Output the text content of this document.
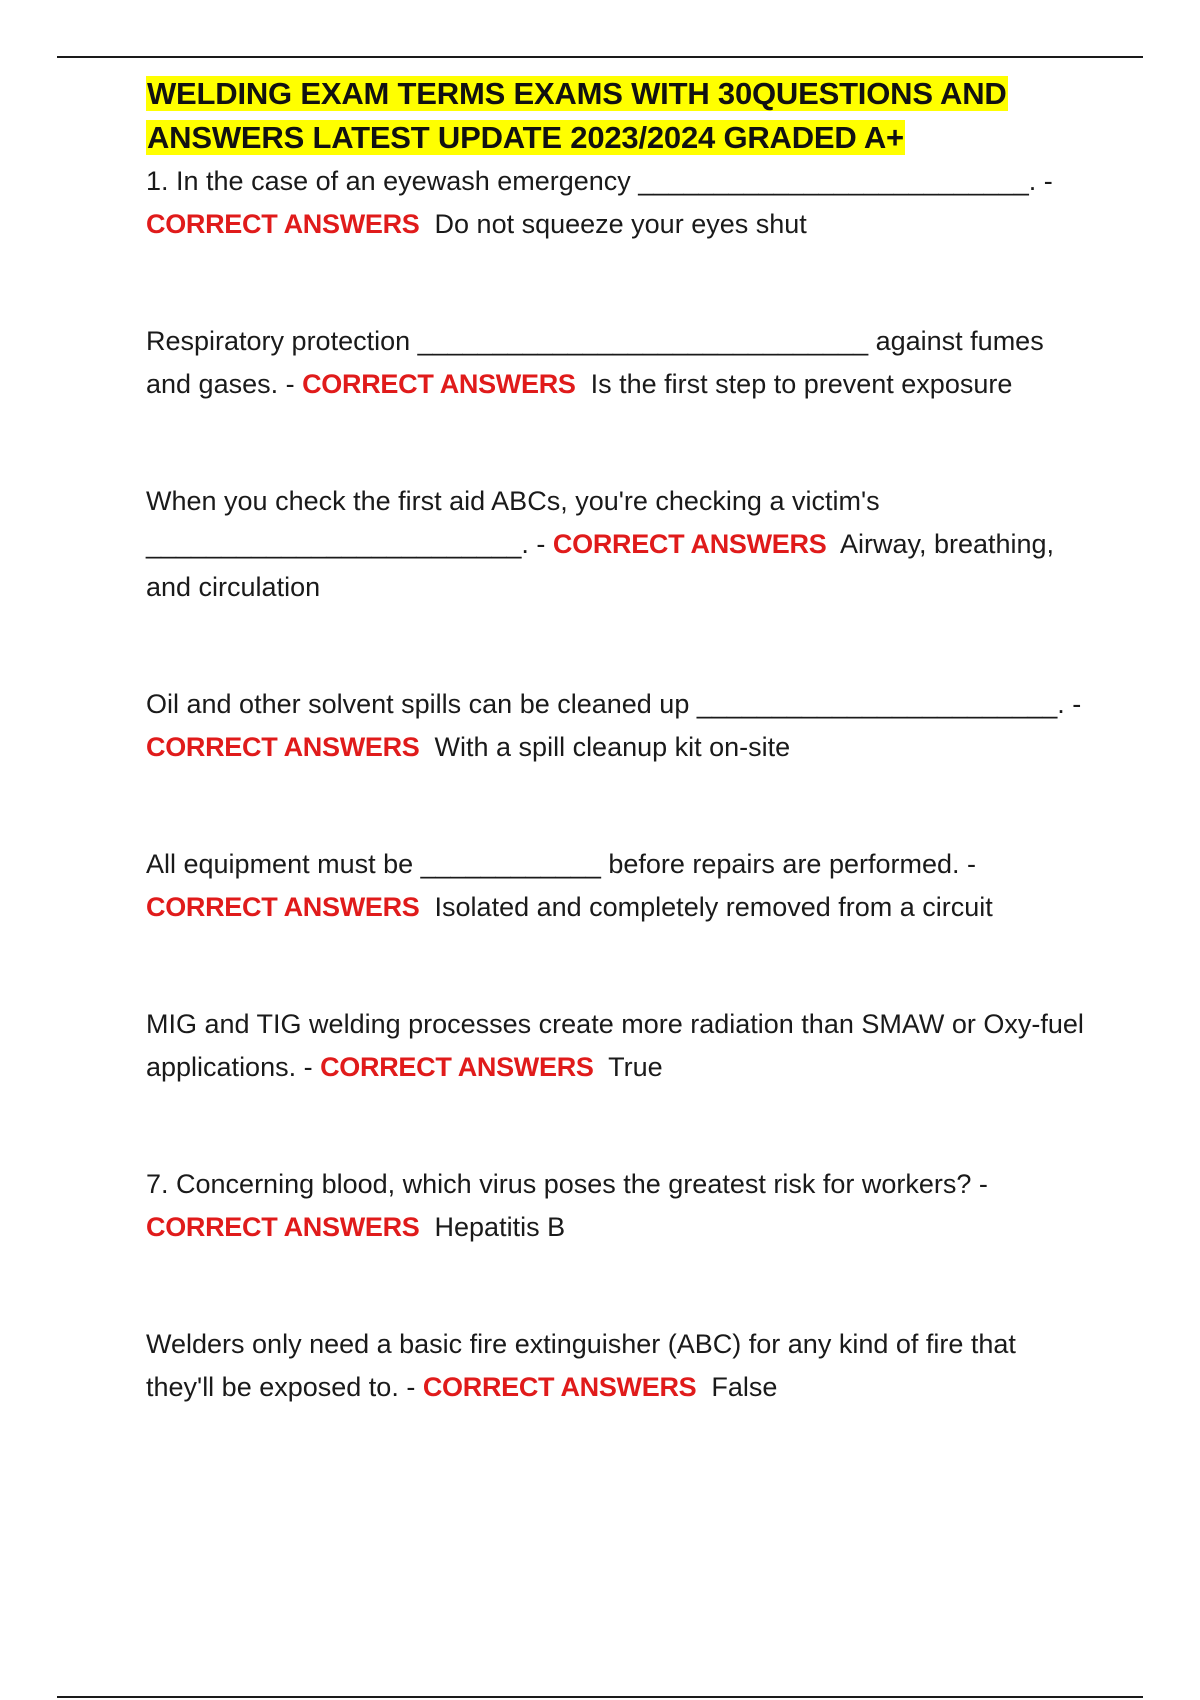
WELDING EXAM TERMS EXAMS WITH 30QUESTIONS AND ANSWERS LATEST UPDATE 2023/2024 GRADED A+

1. In the case of an eyewash emergency __________________________. - CORRECT ANSWERS Do not squeeze your eyes shut

Respiratory protection ______________________________ against fumes and gases. - CORRECT ANSWERS Is the first step to prevent exposure

When you check the first aid ABCs, you're checking a victim's _________________________. - CORRECT ANSWERS Airway, breathing, and circulation

Oil and other solvent spills can be cleaned up ________________________. - CORRECT ANSWERS With a spill cleanup kit on-site

All equipment must be ____________ before repairs are performed. - CORRECT ANSWERS Isolated and completely removed from a circuit

MIG and TIG welding processes create more radiation than SMAW or Oxy-fuel applications. - CORRECT ANSWERS True

7. Concerning blood, which virus poses the greatest risk for workers? - CORRECT ANSWERS Hepatitis B

Welders only need a basic fire extinguisher (ABC) for any kind of fire that they'll be exposed to. - CORRECT ANSWERS False
